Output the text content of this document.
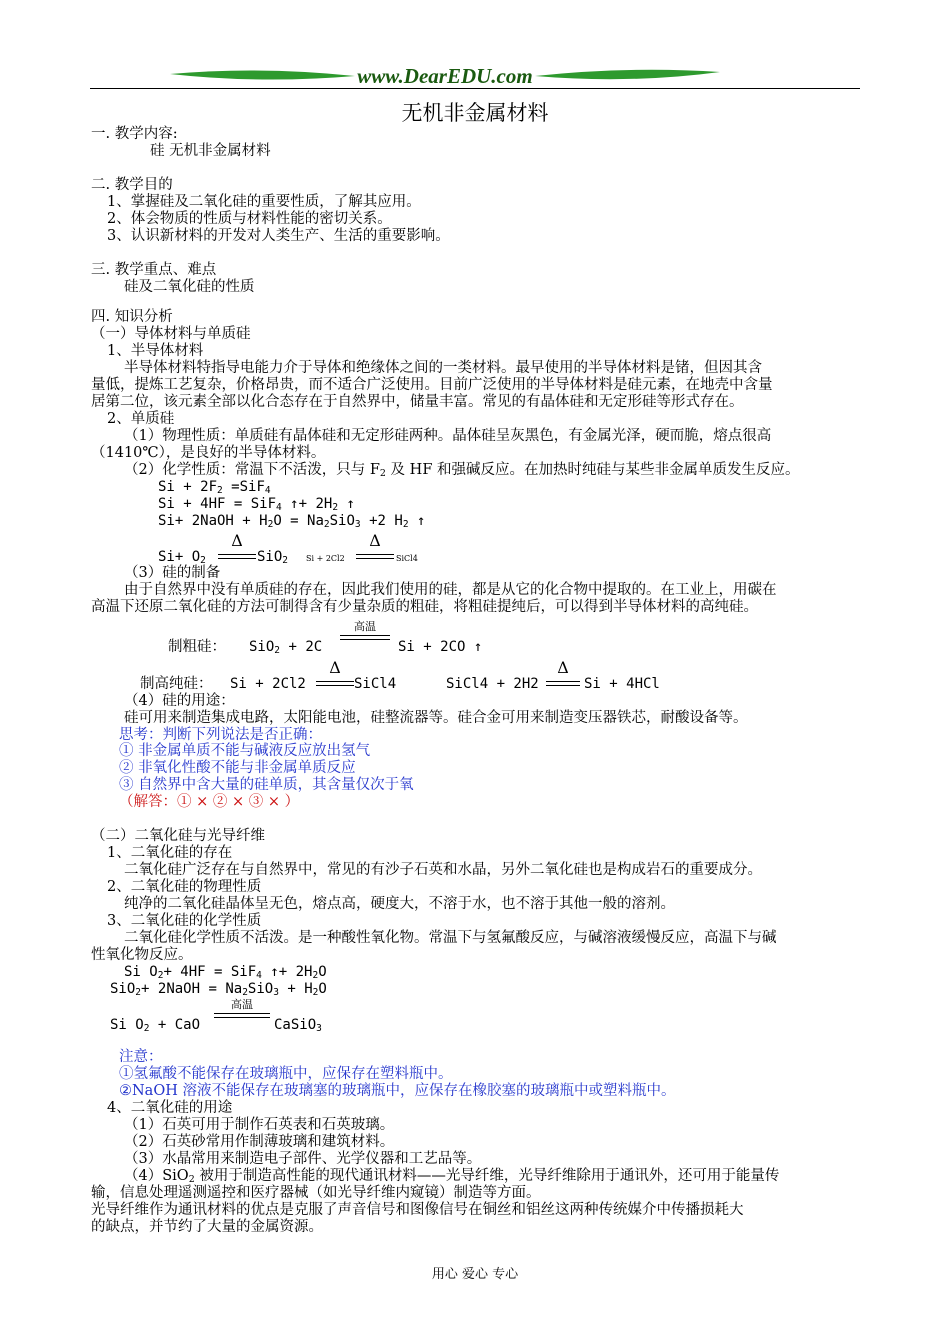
www.DearEDU.com
无机非金属材料
一. 教学内容:
硅 无机非金属材料
二. 教学目的
1、掌握硅及二氧化硅的重要性质，了解其应用。
2、体会物质的性质与材料性能的密切关系。
3、认识新材料的开发对人类生产、生活的重要影响。
三. 教学重点、难点
硅及二氧化硅的性质
四. 知识分析
（一）导体材料与单质硅
1、半导体材料
半导体材料特指导电能力介于导体和绝缘体之间的一类材料。最早使用的半导体材料是锗，但因其含
量低，提炼工艺复杂，价格昂贵，而不适合广泛使用。目前广泛使用的半导体材料是硅元素，在地壳中含量
居第二位，该元素全部以化合态存在于自然界中，储量丰富。常见的有晶体硅和无定形硅等形式存在。
2、单质硅
（1）物理性质：单质硅有晶体硅和无定形硅两种。晶体硅呈灰黑色，有金属光泽，硬而脆，熔点很高
（1410℃），是良好的半导体材料。
（2）化学性质：常温下不活泼，只与 $F_2$ 及 HF 和强碱反应。在加热时纯硅与某些非金属单质发生反应。
$Si + 2F_2 =SiF_4$
Si + 4HF = SiF$_4$ ↑+ $2H_2$ ↑
Si+ 2NaOH + $H_2O = Na_2SiO_3 +2$ $H_2$ ↑
$Si+ O_2$
Δ
SiO$_2$ Si + 2Cl2
Δ
SiCl4
（3）硅的制备
由于自然界中没有单质硅的存在，因此我们使用的硅，都是从它的化合物中提取的。在工业上，用碳在
高温下还原二氧化硅的方法可制得含有少量杂质的粗硅，将粗硅提纯后，可以得到半导体材料的高纯硅。
制粗硅： SiO$_2$ + 2C
高温
Si + 2CO ↑
制高纯硅： Si + 2Cl2
Δ
SiCl4	SiCl4 + 2H2
Δ
Si + 4HCl
（4）硅的用途：
硅可用来制造集成电路，太阳能电池，硅整流器等。硅合金可用来制造变压器铁芯，耐酸设备等。
思考：判断下列说法是否正确：
① 非金属单质不能与碱液反应放出氢气
② 非氧化性酸不能与非金属单质反应
③ 自然界中含大量的硅单质，其含量仅次于氧
（解答：① × ② × ③ × ）
（二）二氧化硅与光导纤维
1、二氧化硅的存在
二氧化硅广泛存在与自然界中，常见的有沙子石英和水晶，另外二氧化硅也是构成岩石的重要成分。
2、二氧化硅的物理性质
纯净的二氧化硅晶体呈无色，熔点高，硬度大，不溶于水，也不溶于其他一般的溶剂。
3、二氧化硅的化学性质
二氧化硅化学性质不活泼。是一种酸性氧化物。常温下与氢氟酸反应，与碱溶液缓慢反应，高温下与碱
性氧化物反应。
Si $O_2+ 4HF = SiF_4$ ↑+ $2H_2O$
SiO$_2$+ 2NaOH = $Na_2SiO_3 + H_2O$
Si $O_2$ + CaO
高温
CaSiO$_3$
注意：
①氢氟酸不能保存在玻璃瓶中，应保存在塑料瓶中。
②NaOH 溶液不能保存在玻璃塞的玻璃瓶中，应保存在橡胶塞的玻璃瓶中或塑料瓶中。
4、二氧化硅的用途
（1）石英可用于制作石英表和石英玻璃。
（2）石英砂常用作制薄玻璃和建筑材料。
（3）水晶常用来制造电子部件、光学仪器和工艺品等。
（4）SiO$_2$ 被用于制造高性能的现代通讯材料——光导纤维，光导纤维除用于通讯外，还可用于能量传
输，信息处理遥测遥控和医疗器械（如光导纤维内窥镜）制造等方面。
光导纤维作为通讯材料的优点是克服了声音信号和图像信号在铜丝和铝丝这两种传统媒介中传播损耗大
的缺点，并节约了大量的金属资源。
用心 爱心 专心
